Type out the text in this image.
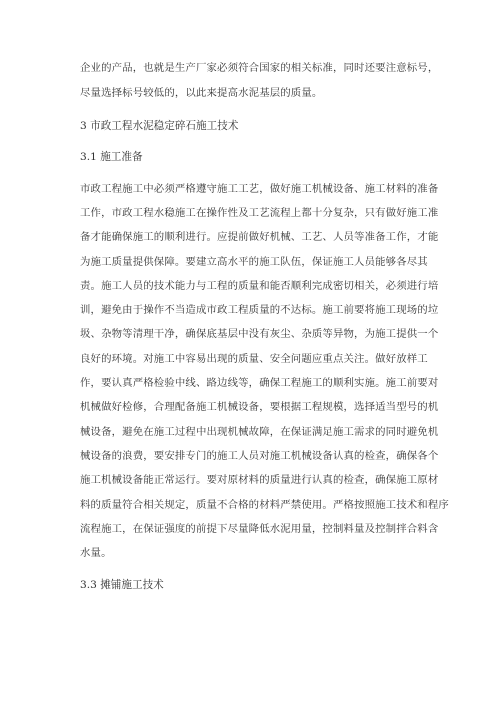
企业的产品，也就是生产厂家必须符合国家的相关标准，同时还要注意标号，
尽量选择标号较低的，以此来提高水泥基层的质量。
3 市政工程水泥稳定碎石施工技术
3.1 施工准备
市政工程施工中必须严格遵守施工工艺，做好施工机械设备、施工材料的准备
工作，市政工程水稳施工在操作性及工艺流程上都十分复杂，只有做好施工准
备才能确保施工的顺利进行。应提前做好机械、工艺、人员等准备工作，才能
为施工质量提供保障。要建立高水平的施工队伍，保证施工人员能够各尽其
责。施工人员的技术能力与工程的质量和能否顺利完成密切相关，必须进行培
训，避免由于操作不当造成市政工程质量的不达标。施工前要将施工现场的垃
圾、杂物等清理干净，确保底基层中没有灰尘、杂质等异物，为施工提供一个
良好的环境。对施工中容易出现的质量、安全问题应重点关注。做好放样工
作，要认真严格检验中线、路边线等，确保工程施工的顺利实施。施工前要对
机械做好检修，合理配备施工机械设备，要根据工程规模，选择适当型号的机
械设备，避免在施工过程中出现机械故障，在保证满足施工需求的同时避免机
械设备的浪费，要安排专门的施工人员对施工机械设备认真的检查，确保各个
施工机械设备能正常运行。要对原材料的质量进行认真的检查，确保施工原材
料的质量符合相关规定，质量不合格的材料严禁使用。严格按照施工技术和程序
流程施工，在保证强度的前提下尽量降低水泥用量，控制料量及控制拌合料含
水量。
3.3 摊铺施工技术
